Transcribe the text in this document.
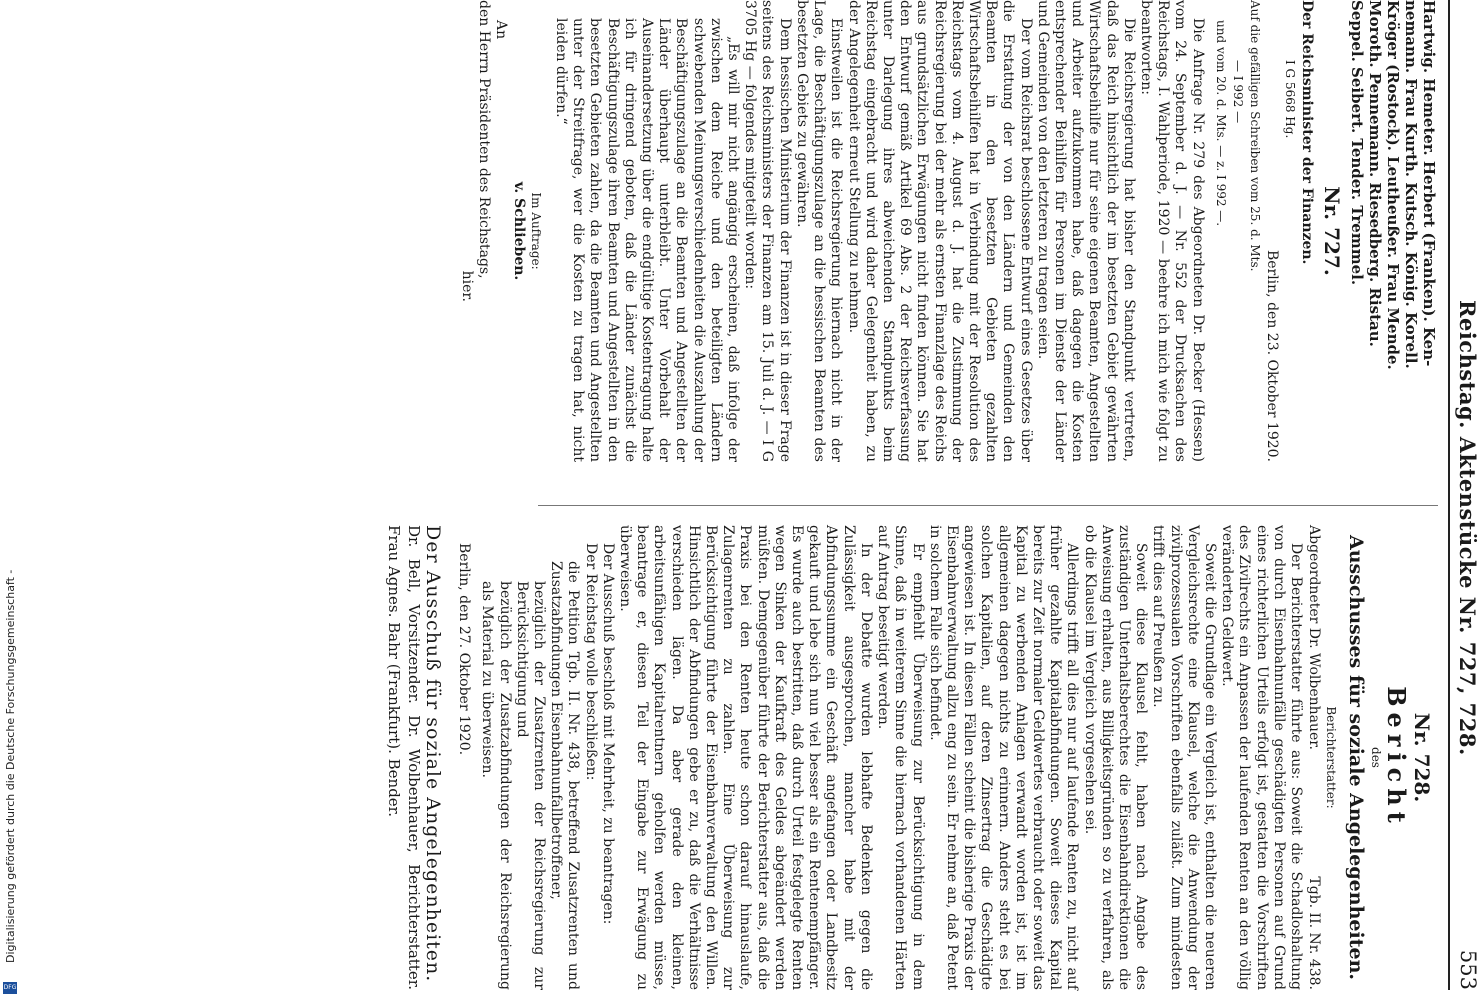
Reichstag. Aktenstücke Nr. 727, 728.
553
Hartwig. Hemeter. Herbert (Franken). Ken-
nemann. Frau Kurth. Kutsch. König. Korell.
Kröger (Rostock). Leutheußer. Frau Mende.
Moroth. Pennemann. Riesedberg. Ristau.
Seppel. Seibert. Tender. Tremmel.
Nr. 727.
Der Reichsminister der Finanzen.
I G 5668 Hg.
Berlin, den 23. Oktober 1920.
Auf die gefälligen Schreiben vom 25. d. Mts.
— I 992 —
und vom 20. d. Mts. — z. I 992 —.
Die Anfrage Nr. 279 des Abgeordneten Dr. Becker (Hessen) vom 24. September d. J. — Nr. 552 der Drucksachen des Reichstags, I. Wahlperiode, 1920 — beehre ich mich wie folgt zu beantworten:
Die Reichsregierung hat bisher den Standpunkt vertreten, daß das Reich hinsichtlich der im besetzten Gebiet gewährten Wirtschaftsbeihilfe nur für seine eigenen Beamten, Angestellten und Arbeiter aufzukommen habe, daß dagegen die Kosten entsprechender Beihilfen für Personen im Dienste der Länder und Gemeinden von den letzteren zu tragen seien.
Der vom Reichsrat beschlossene Entwurf eines Gesetzes über die Erstattung der von den Ländern und Gemeinden den Beamten in den besetzten Gebieten gezahlten Wirtschaftsbeihilfen hat in Verbindung mit der Resolution des Reichstags vom 4. August d. J. hat die Zustimmung der Reichsregierung bei der mehr als ernsten Finanzlage des Reichs aus grundsätzlichen Erwägungen nicht finden können. Sie hat den Entwurf gemäß Artikel 69 Abs. 2 der Reichsverfassung unter Darlegung ihres abweichenden Standpunkts beim Reichstag eingebracht und wird daher Gelegenheit haben, zu der Angelegenheit erneut Stellung zu nehmen.
Einstweilen ist die Reichsregierung hiernach nicht in der Lage, die Beschäftigungszulage an die hessischen Beamten des besetzten Gebiets zu gewähren.
Dem hessischen Ministerium der Finanzen ist in dieser Frage seitens des Reichsministers der Finanzen am 15. Juli d. J. — I G 3705 Hg — folgendes mitgeteilt worden:
„Es will mir nicht angängig erscheinen, daß infolge der zwischen dem Reiche und den beteiligten Ländern schwebenden Meinungsverschiedenheiten die Auszahlung der Beschäftigungszulage an die Beamten und Angestellten der Länder überhaupt unterbleibt. Unter Vorbehalt der Auseinandersetzung über die endgültige Kostentragung halte ich für dringend geboten, daß die Länder zunächst die Beschäftigungszulage ihren Beamten und Angestellten in den besetzten Gebieten zahlen, da die Beamten und Angestellten unter der Streitfrage, wer die Kosten zu tragen hat, nicht leiden dürfen.“
Im Auftrage:
v. Schlieben.
An
den Herrn Präsidenten des Reichstags,
hier.
Nr. 728.
Bericht
des
Ausschusses für soziale Angelegenheiten.
Berichterstatter:
Abgeordneter Dr. Wolbenhauer.
Tgb. II. Nr. 438.
Der Berichterstatter führte aus: Soweit die Schadloshaltung von durch Eisenbahnunfälle geschädigten Personen auf Grund eines richterlichen Urteils erfolgt ist, gestatten die Vorschriften des Zivilrechts ein Anpassen der laufenden Renten an den völlig veränderten Geldwert.
Soweit die Grundlage ein Vergleich ist, enthalten die neueren Vergleichsrechte eine Klausel, welche die Anwendung der zivilprozessualen Vorschriften ebenfalls zuläßt. Zum mindesten trifft dies auf Preußen zu.
Soweit diese Klausel fehlt, haben nach Angabe des zuständigen Unterhaltsberechtes die Eisenbahndirektionen die Anweisung erhalten, aus Billigkeitsgründen so zu verfahren, als ob die Klausel im Vergleich vorgesehen sei.
Allerdings trifft all dies nur auf laufende Renten zu, nicht auf früher gezahlte Kapitalabfindungen. Soweit dieses Kapital bereits zur Zeit normaler Geldwertes verbraucht oder soweit das Kapital zu werbenden Anlagen verwandt worden ist, ist im allgemeinen dagegen nichts zu erinnern. Anders steht es bei solchen Kapitalien, auf deren Zinsertrag die Geschädigte angewiesen ist. In diesen Fällen scheint die bisherige Praxis der Eisenbahnverwaltung allzu eng zu sein. Er nehme an, daß Petent in solchem Falle sich befindet.
Er empfiehlt Überweisung zur Berücksichtigung in dem Sinne, daß in weiterem Sinne die hiernach vorhandenen Härten auf Antrag beseitigt werden.
In der Debatte wurden lebhafte Bedenken gegen die Zulässigkeit ausgesprochen, mancher habe mit der Abfindungssumme ein Geschäft angefangen oder Landbesitz gekauft und lebe sich nun viel besser als ein Rentenempfänger. Es wurde auch bestritten, daß durch Urteil festgelegte Renten wegen Sinken der Kaufkraft des Geldes abgeändert werden müßten. Demgegenüber führte der Berichterstatter aus, daß die Praxis bei den Renten heute schon darauf hinauslaufe, Zulagenrenten zu zahlen. Eine Überweisung zur Berücksichtigung führte der Eisenbahnverwaltung den Willen. Hinsichtlich der Abfindungen gebe er zu, daß die Verhältnisse verschieden lägen. Da aber gerade den kleinen, arbeitsunfähigen Kapitalrentnern geholfen werden müsse, beantrage er, diesen Teil der Eingabe zur Erwägung zu überweisen.
Der Ausschuß beschloß mit Mehrheit, zu beantragen:
Der Reichstag wolle beschließen:
die Petition Tgb. II. Nr. 438, betreffend Zusatzrenten und Zusatzabfindungen Eisenbahnunfallbetroffener,
bezüglich der Zusatzrenten der Reichsregierung zur Berücksichtigung und
bezüglich der Zusatzabfindungen der Reichsregierung als Material zu überweisen.
Berlin, den 27. Oktober 1920.
Der Ausschuß für soziale Angelegenheiten.
Dr. Bell, Vorsitzender. Dr. Wolbenhauer, Berichterstatter. Frau Agnes. Bahr (Frankfurt). Bender.
Digitalisierung gefördert durch die Deutsche Forschungsgemeinschaft -
DFG
